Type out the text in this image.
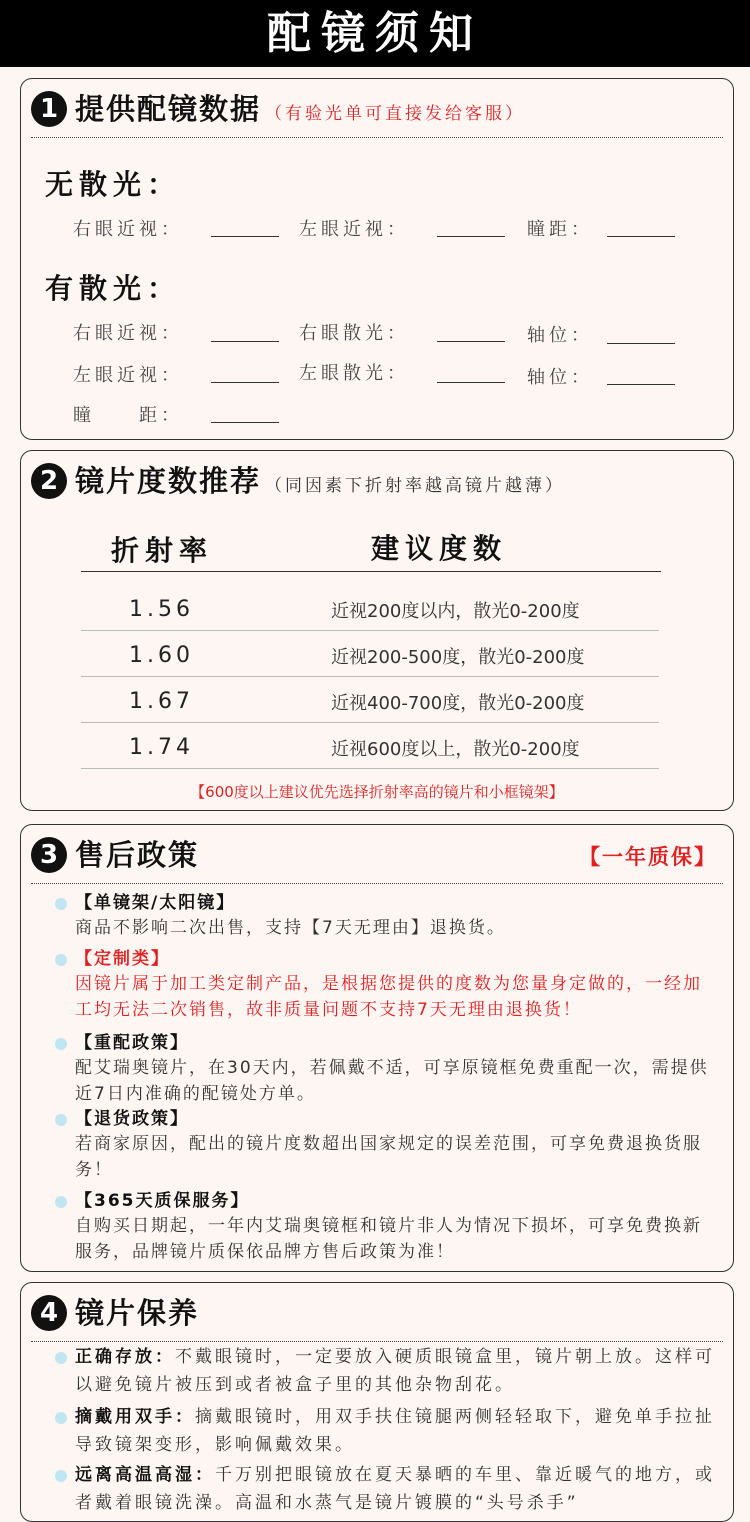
配镜须知
1 提供配镜数据 （有验光单可直接发给客服）
无散光：
右眼近视：	左眼近视：	瞳距：
有散光：
右眼近视：	右眼散光：	轴位：
左眼近视：	左眼散光：	轴位：
瞳　　距：
2 镜片度数推荐 （同因素下折射率越高镜片越薄）
折射率	建议度数
1.56	近视200度以内，散光0-200度
1.60	近视200-500度，散光0-200度
1.67	近视400-700度，散光0-200度
1.74	近视600度以上，散光0-200度
【600度以上建议优先选择折射率高的镜片和小框镜架】
3 售后政策	【一年质保】
【单镜架/太阳镜】
商品不影响二次出售，支持【7天无理由】退换货。
【定制类】
因镜片属于加工类定制产品，是根据您提供的度数为您量身定做的，一经加工均无法二次销售，故非质量问题不支持7天无理由退换货！
【重配政策】
配艾瑞奥镜片，在30天内，若佩戴不适，可享原镜框免费重配一次，需提供近7日内准确的配镜处方单。
【退货政策】
若商家原因，配出的镜片度数超出国家规定的误差范围，可享免费退换货服务！
【365天质保服务】
自购买日期起，一年内艾瑞奥镜框和镜片非人为情况下损坏，可享免费换新服务，品牌镜片质保依品牌方售后政策为准！
4 镜片保养

正确存放：不戴眼镜时，一定要放入硬质眼镜盒里，镜片朝上放。这样可以避免镜片被压到或者被盒子里的其他杂物刮花。

摘戴用双手：摘戴眼镜时，用双手扶住镜腿两侧轻轻取下，避免单手拉扯导致镜架变形，影响佩戴效果。

远离高温高湿：千万别把眼镜放在夏天暴晒的车里、靠近暖气的地方，或者戴着眼镜洗澡。高温和水蒸气是镜片镀膜的“头号杀手”
